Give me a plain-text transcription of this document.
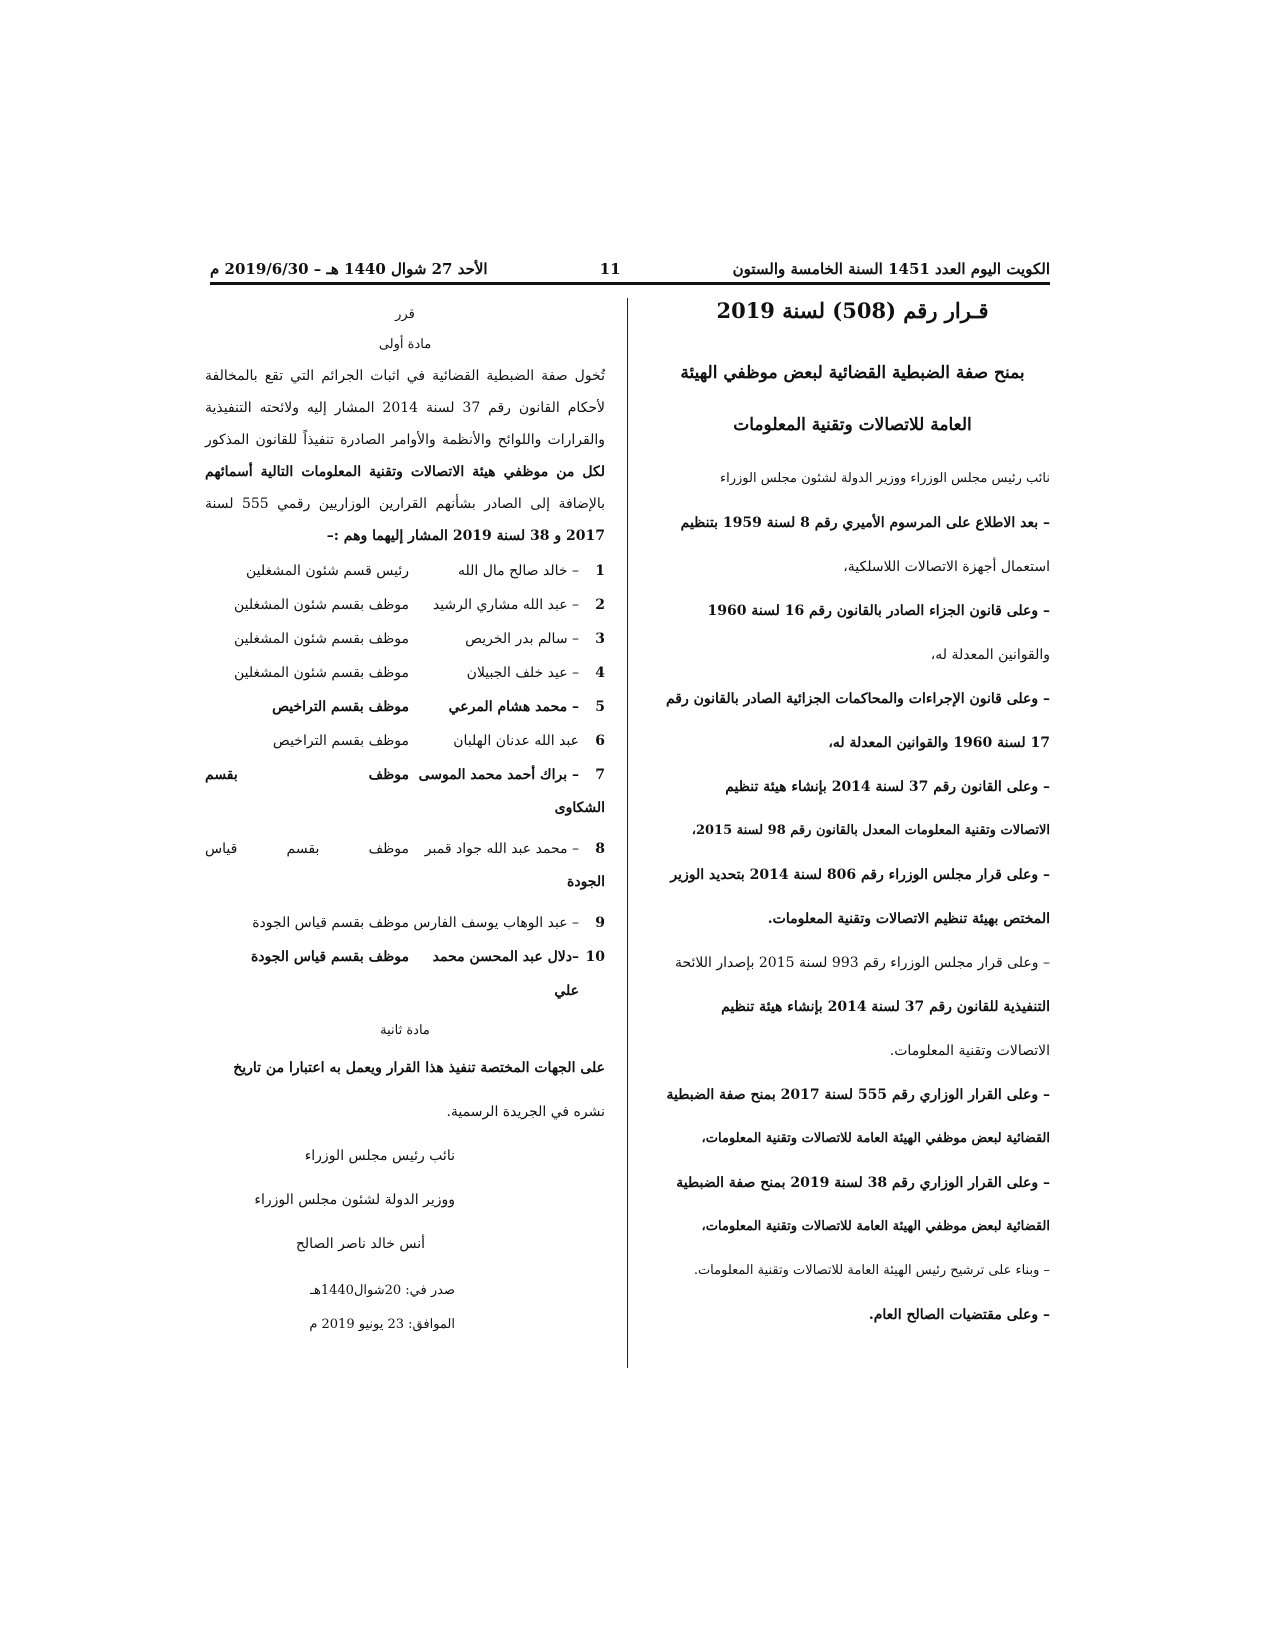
الكويت اليوم العدد 1451 السنة الخامسة والستون
11
الأحد 27 شوال 1440 هـ – 2019/6/30 م
قـرار رقم (508) لسنة 2019
بمنح صفة الضبطية القضائية لبعض موظفي الهيئة
العامة للاتصالات وتقنية المعلومات

نائب رئيس مجلس الوزراء ووزير الدولة لشئون مجلس الوزراء

– بعد الاطلاع على المرسوم الأميري رقم 8 لسنة 1959 بتنظيم

استعمال أجهزة الاتصالات اللاسلكية،

– وعلى قانون الجزاء الصادر بالقانون رقم 16 لسنة 1960

والقوانين المعدلة له،

– وعلى قانون الإجراءات والمحاكمات الجزائية الصادر بالقانون رقم

17 لسنة 1960 والقوانين المعدلة له،

– وعلى القانون رقم 37 لسنة 2014 بإنشاء هيئة تنظيم

الاتصالات وتقنية المعلومات المعدل بالقانون رقم 98 لسنة 2015،

– وعلى قرار مجلس الوزراء رقم 806 لسنة 2014 بتحديد الوزير

المختص بهيئة تنظيم الاتصالات وتقنية المعلومات.

– وعلى قرار مجلس الوزراء رقم 993 لسنة 2015 بإصدار اللائحة

التنفيذية للقانون رقم 37 لسنة 2014 بإنشاء هيئة تنظيم

الاتصالات وتقنية المعلومات.

– وعلى القرار الوزاري رقم 555 لسنة 2017 بمنح صفة الضبطية

القضائية لبعض موظفي الهيئة العامة للاتصالات وتقنية المعلومات،

– وعلى القرار الوزاري رقم 38 لسنة 2019 بمنح صفة الضبطية

القضائية لبعض موظفي الهيئة العامة للاتصالات وتقنية المعلومات،

– وبناء على ترشيح رئيس الهيئة العامة للاتصالات وتقنية المعلومات.

– وعلى مقتضيات الصالح العام.

قرر
مادة أولى

تُخول صفة الضبطية القضائية في اثبات الجرائم التي تقع بالمخالفة

لأحكام القانون رقم 37 لسنة 2014 المشار إليه ولائحته التنفيذية

والقرارات واللوائح والأنظمة والأوامر الصادرة تنفيذاً للقانون المذكور

لكل من موظفي هيئة الاتصالات وتقنية المعلومات التالية أسمائهم

بالإضافة إلى الصادر بشأنهم القرارين الوزاريين رقمي 555 لسنة

2017 و 38 لسنة 2019 المشار إليهما وهم :–

1
– خالد صالح مال الله
رئيس قسم شئون المشغلين
2
– عبد الله مشاري الرشيد
موظف بقسم شئون المشغلين
3
– سالم بدر الخريص
موظف بقسم شئون المشغلين
4
– عيد خلف الجبيلان
موظف بقسم شئون المشغلين
5
– محمد هشام المرعي
موظف بقسم التراخيص
6
عبد الله عدنان الهلبان
موظف بقسم التراخيص
7
– براك أحمد محمد الموسى
موظف بقسم
الشكاوى
8
– محمد عبد الله جواد قمبر
موظف بقسم قياس
الجودة
9
– عبد الوهاب يوسف الفارس
موظف بقسم قياس الجودة
10
–دلال عبد المحسن محمد علي
موظف بقسم قياس الجودة
مادة ثانية

على الجهات المختصة تنفيذ هذا القرار ويعمل به اعتبارا من تاريخ

نشره في الجريدة الرسمية.

نائب رئيس مجلس الوزراء
ووزير الدولة لشئون مجلس الوزراء
أنس خالد ناصر الصالح
صدر في: 20شوال1440هـ
الموافق: 23 يونيو 2019 م
